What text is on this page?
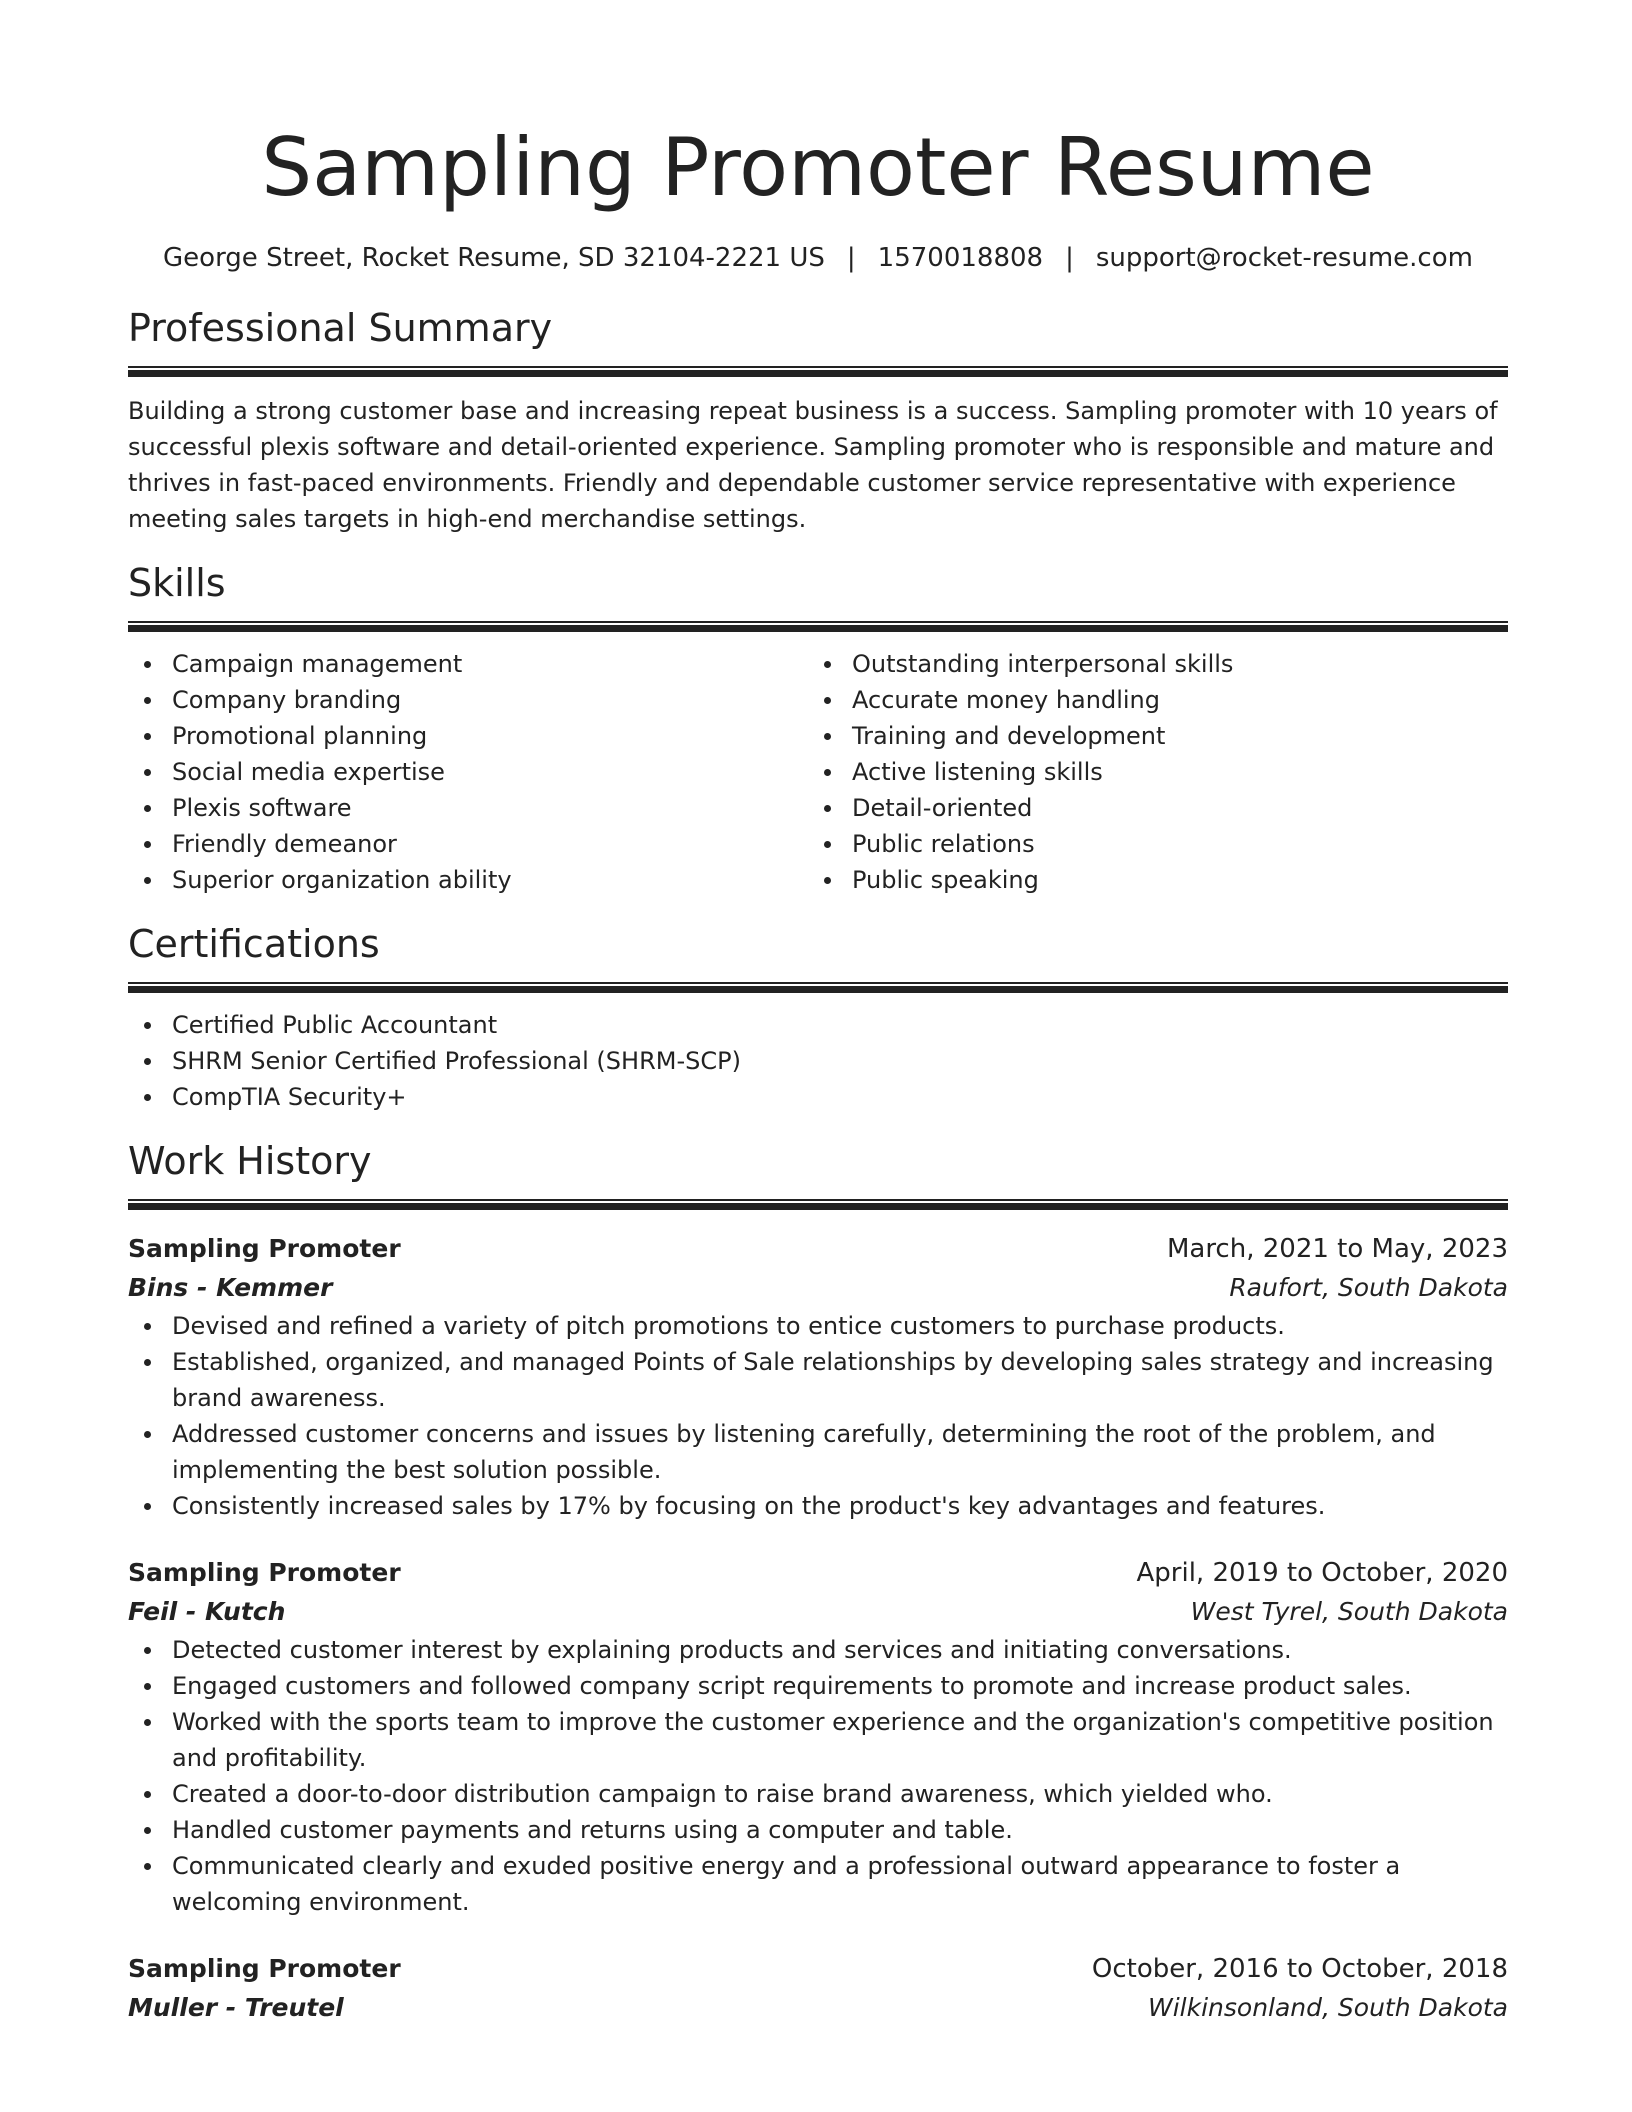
Sampling Promoter Resume
George Street, Rocket Resume, SD 32104-2221 US | 1570018808 | support@rocket-resume.com
Professional Summary

Building a strong customer base and increasing repeat business is a success. Sampling promoter with 10 years of successful plexis software and detail-oriented experience. Sampling promoter who is responsible and mature and thrives in fast-paced environments. Friendly and dependable customer service representative with experience meeting sales targets in high-end merchandise settings.

Skills
Campaign management
Company branding
Promotional planning
Social media expertise
Plexis software
Friendly demeanor
Superior organization ability
Outstanding interpersonal skills
Accurate money handling
Training and development
Active listening skills
Detail-oriented
Public relations
Public speaking
Certifications
Certified Public Accountant
SHRM Senior Certified Professional (SHRM-SCP)
CompTIA Security+
Work History
Sampling Promoter	March, 2021 to May, 2023
Bins - Kemmer	Raufort, South Dakota
Devised and refined a variety of pitch promotions to entice customers to purchase products.
Established, organized, and managed Points of Sale relationships by developing sales strategy and increasing brand awareness.
Addressed customer concerns and issues by listening carefully, determining the root of the problem, and implementing the best solution possible.
Consistently increased sales by 17% by focusing on the product's key advantages and features.
Sampling Promoter	April, 2019 to October, 2020
Feil - Kutch	West Tyrel, South Dakota
Detected customer interest by explaining products and services and initiating conversations.
Engaged customers and followed company script requirements to promote and increase product sales.
Worked with the sports team to improve the customer experience and the organization's competitive position and profitability.
Created a door-to-door distribution campaign to raise brand awareness, which yielded who.
Handled customer payments and returns using a computer and table.
Communicated clearly and exuded positive energy and a professional outward appearance to foster a welcoming environment.
Sampling Promoter	October, 2016 to October, 2018
Muller - Treutel	Wilkinsonland, South Dakota
